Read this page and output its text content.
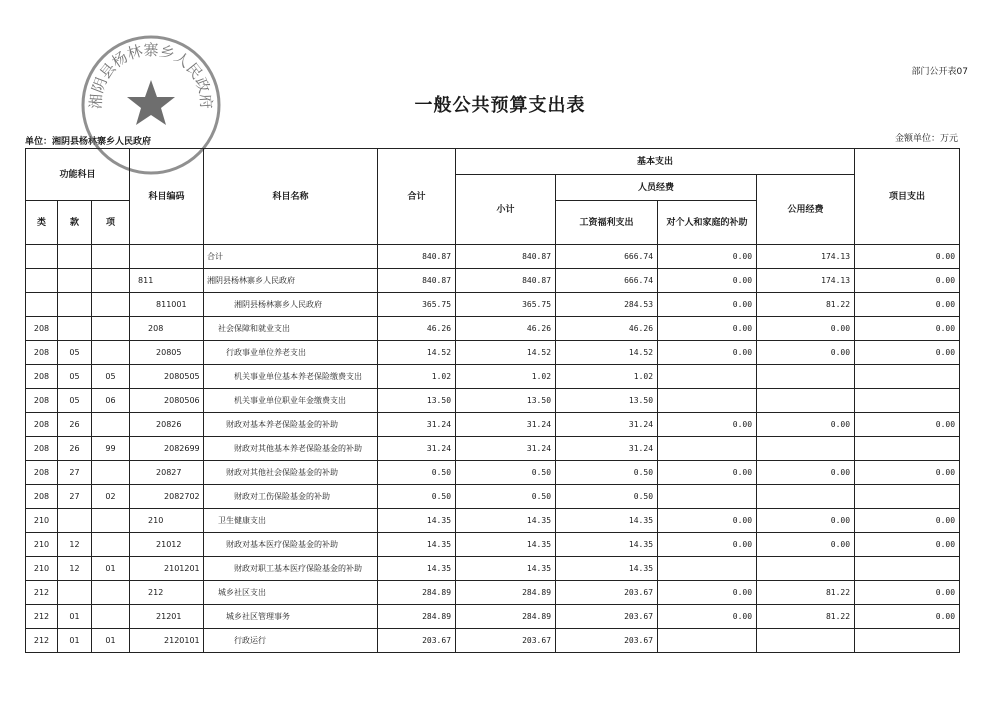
部门公开表07
一般公共预算支出表
单位：湘阴县杨林寨乡人民政府	金额单位：万元
湘阴县杨林寨乡人民政府
功能科目			科目编码	科目名称	合计	基本支出				项目支出
						小计	人员经费		公用经费	
类	款	项					工资福利支出	对个人和家庭的补助		
				合计	840.87	840.87	666.74	0.00	174.13	0.00
			811	湘阴县杨林寨乡人民政府	840.87	840.87	666.74	0.00	174.13	0.00
			811001	湘阴县杨林寨乡人民政府	365.75	365.75	284.53	0.00	81.22	0.00
208			208	社会保障和就业支出	46.26	46.26	46.26	0.00	0.00	0.00
208	05		20805	行政事业单位养老支出	14.52	14.52	14.52	0.00	0.00	0.00
208	05	05	2080505	机关事业单位基本养老保险缴费支出	1.02	1.02	1.02			
208	05	06	2080506	机关事业单位职业年金缴费支出	13.50	13.50	13.50			
208	26		20826	财政对基本养老保险基金的补助	31.24	31.24	31.24	0.00	0.00	0.00
208	26	99	2082699	财政对其他基本养老保险基金的补助	31.24	31.24	31.24			
208	27		20827	财政对其他社会保险基金的补助	0.50	0.50	0.50	0.00	0.00	0.00
208	27	02	2082702	财政对工伤保险基金的补助	0.50	0.50	0.50			
210			210	卫生健康支出	14.35	14.35	14.35	0.00	0.00	0.00
210	12		21012	财政对基本医疗保险基金的补助	14.35	14.35	14.35	0.00	0.00	0.00
210	12	01	2101201	财政对职工基本医疗保险基金的补助	14.35	14.35	14.35			
212			212	城乡社区支出	284.89	284.89	203.67	0.00	81.22	0.00
212	01		21201	城乡社区管理事务	284.89	284.89	203.67	0.00	81.22	0.00
212	01	01	2120101	行政运行	203.67	203.67	203.67			
